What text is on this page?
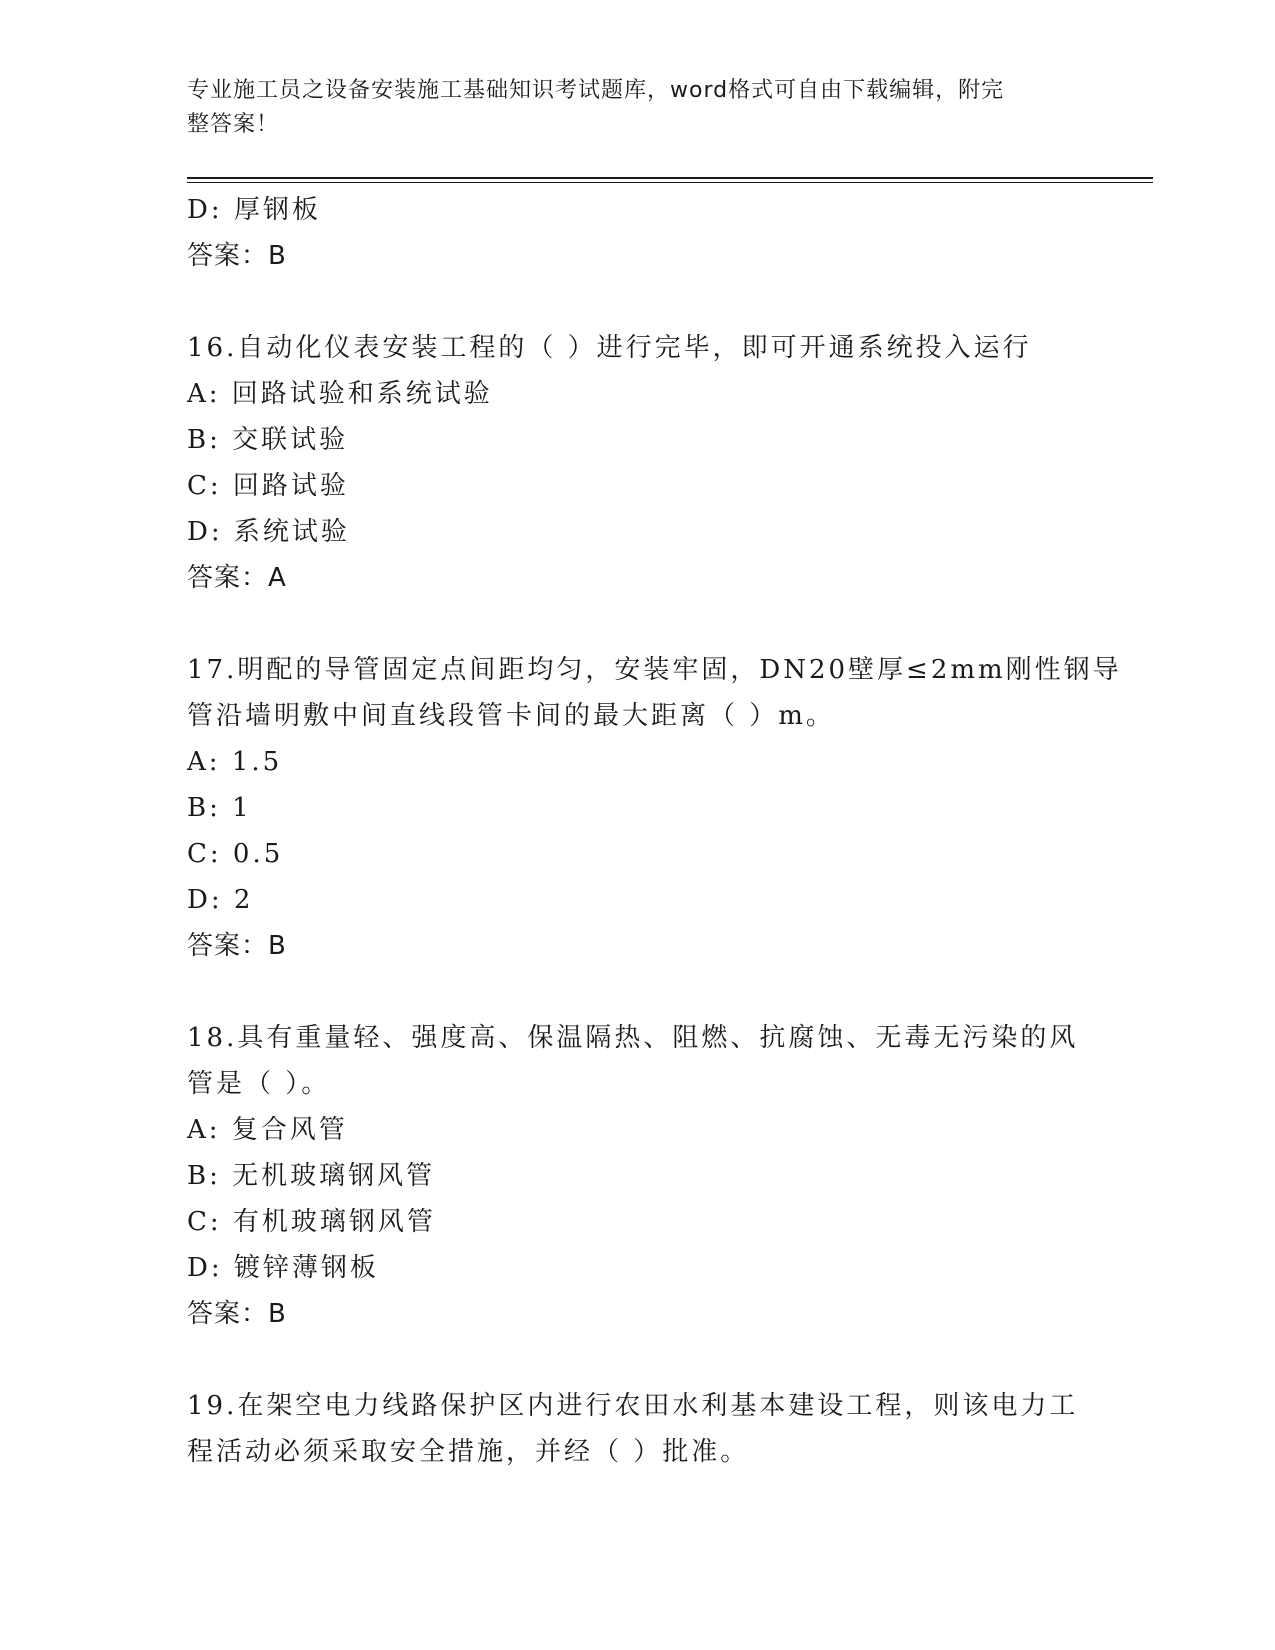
专业施工员之设备安装施工基础知识考试题库，word格式可自由下载编辑，附完
整答案！
D: 厚钢板
答案：B
16.自动化仪表安装工程的（ ）进行完毕，即可开通系统投入运行
A: 回路试验和系统试验
B: 交联试验
C: 回路试验
D: 系统试验
答案：A
17.明配的导管固定点间距均匀，安装牢固，DN20壁厚≤2mm刚性钢导
管沿墙明敷中间直线段管卡间的最大距离（ ）m。
A: 1.5
B: 1
C: 0.5
D: 2
答案：B
18.具有重量轻、强度高、保温隔热、阻燃、抗腐蚀、无毒无污染的风
管是（ ）。
A: 复合风管
B: 无机玻璃钢风管
C: 有机玻璃钢风管
D: 镀锌薄钢板
答案：B
19.在架空电力线路保护区内进行农田水利基本建设工程，则该电力工
程活动必须采取安全措施，并经（ ）批准。
